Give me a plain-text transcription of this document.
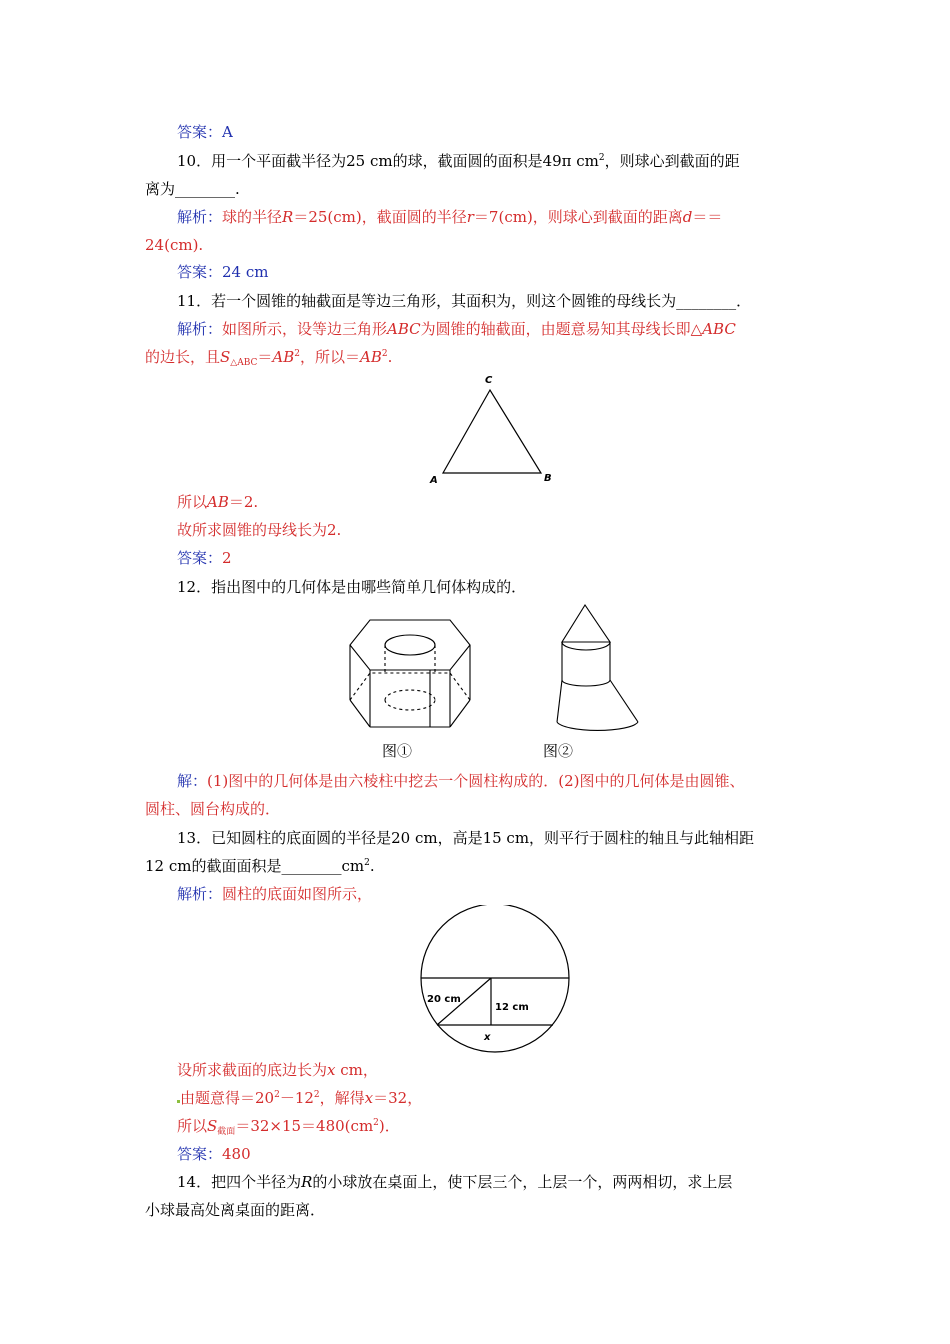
答案：A
10．用一个平面截半径为25 cm的球，截面圆的面积是49π $cm^2$，则球心到截面的距
离为________.
解析：球的半径R＝25(cm)，截面圆的半径r＝7(cm)，则球心到截面的距离d＝＝
24(cm).
答案：24 cm
11．若一个圆锥的轴截面是等边三角形，其面积为，则这个圆锥的母线长为________．
解析：如图所示，设等边三角形ABC为圆锥的轴截面，由题意易知其母线长即△ABC
的边长，且$S_{\triangle ABC}=AB^2$，所以$=AB^2$.
C
A	B
所以AB＝2.
故所求圆锥的母线长为2.
答案：2
12．指出图中的几何体是由哪些简单几何体构成的．
图①	图②
解：(1)图中的几何体是由六棱柱中挖去一个圆柱构成的．(2)图中的几何体是由圆锥、
圆柱、圆台构成的．
13．已知圆柱的底面圆的半径是20 cm，高是15 cm，则平行于圆柱的轴且与此轴相距
12 cm的截面面积是$\_\_\_\_\_\_\_\_cm^2$.
解析：圆柱的底面如图所示，
20 cm
12 cm
x
设所求截面的底边长为x cm，
由题意得$=20^2-12^2$，解得x＝32，
所以$S_{截面}=32\times 15=480(cm^2)$．
答案：480
14．把四个半径为R的小球放在桌面上，使下层三个，上层一个，两两相切，求上层
小球最高处离桌面的距离．
